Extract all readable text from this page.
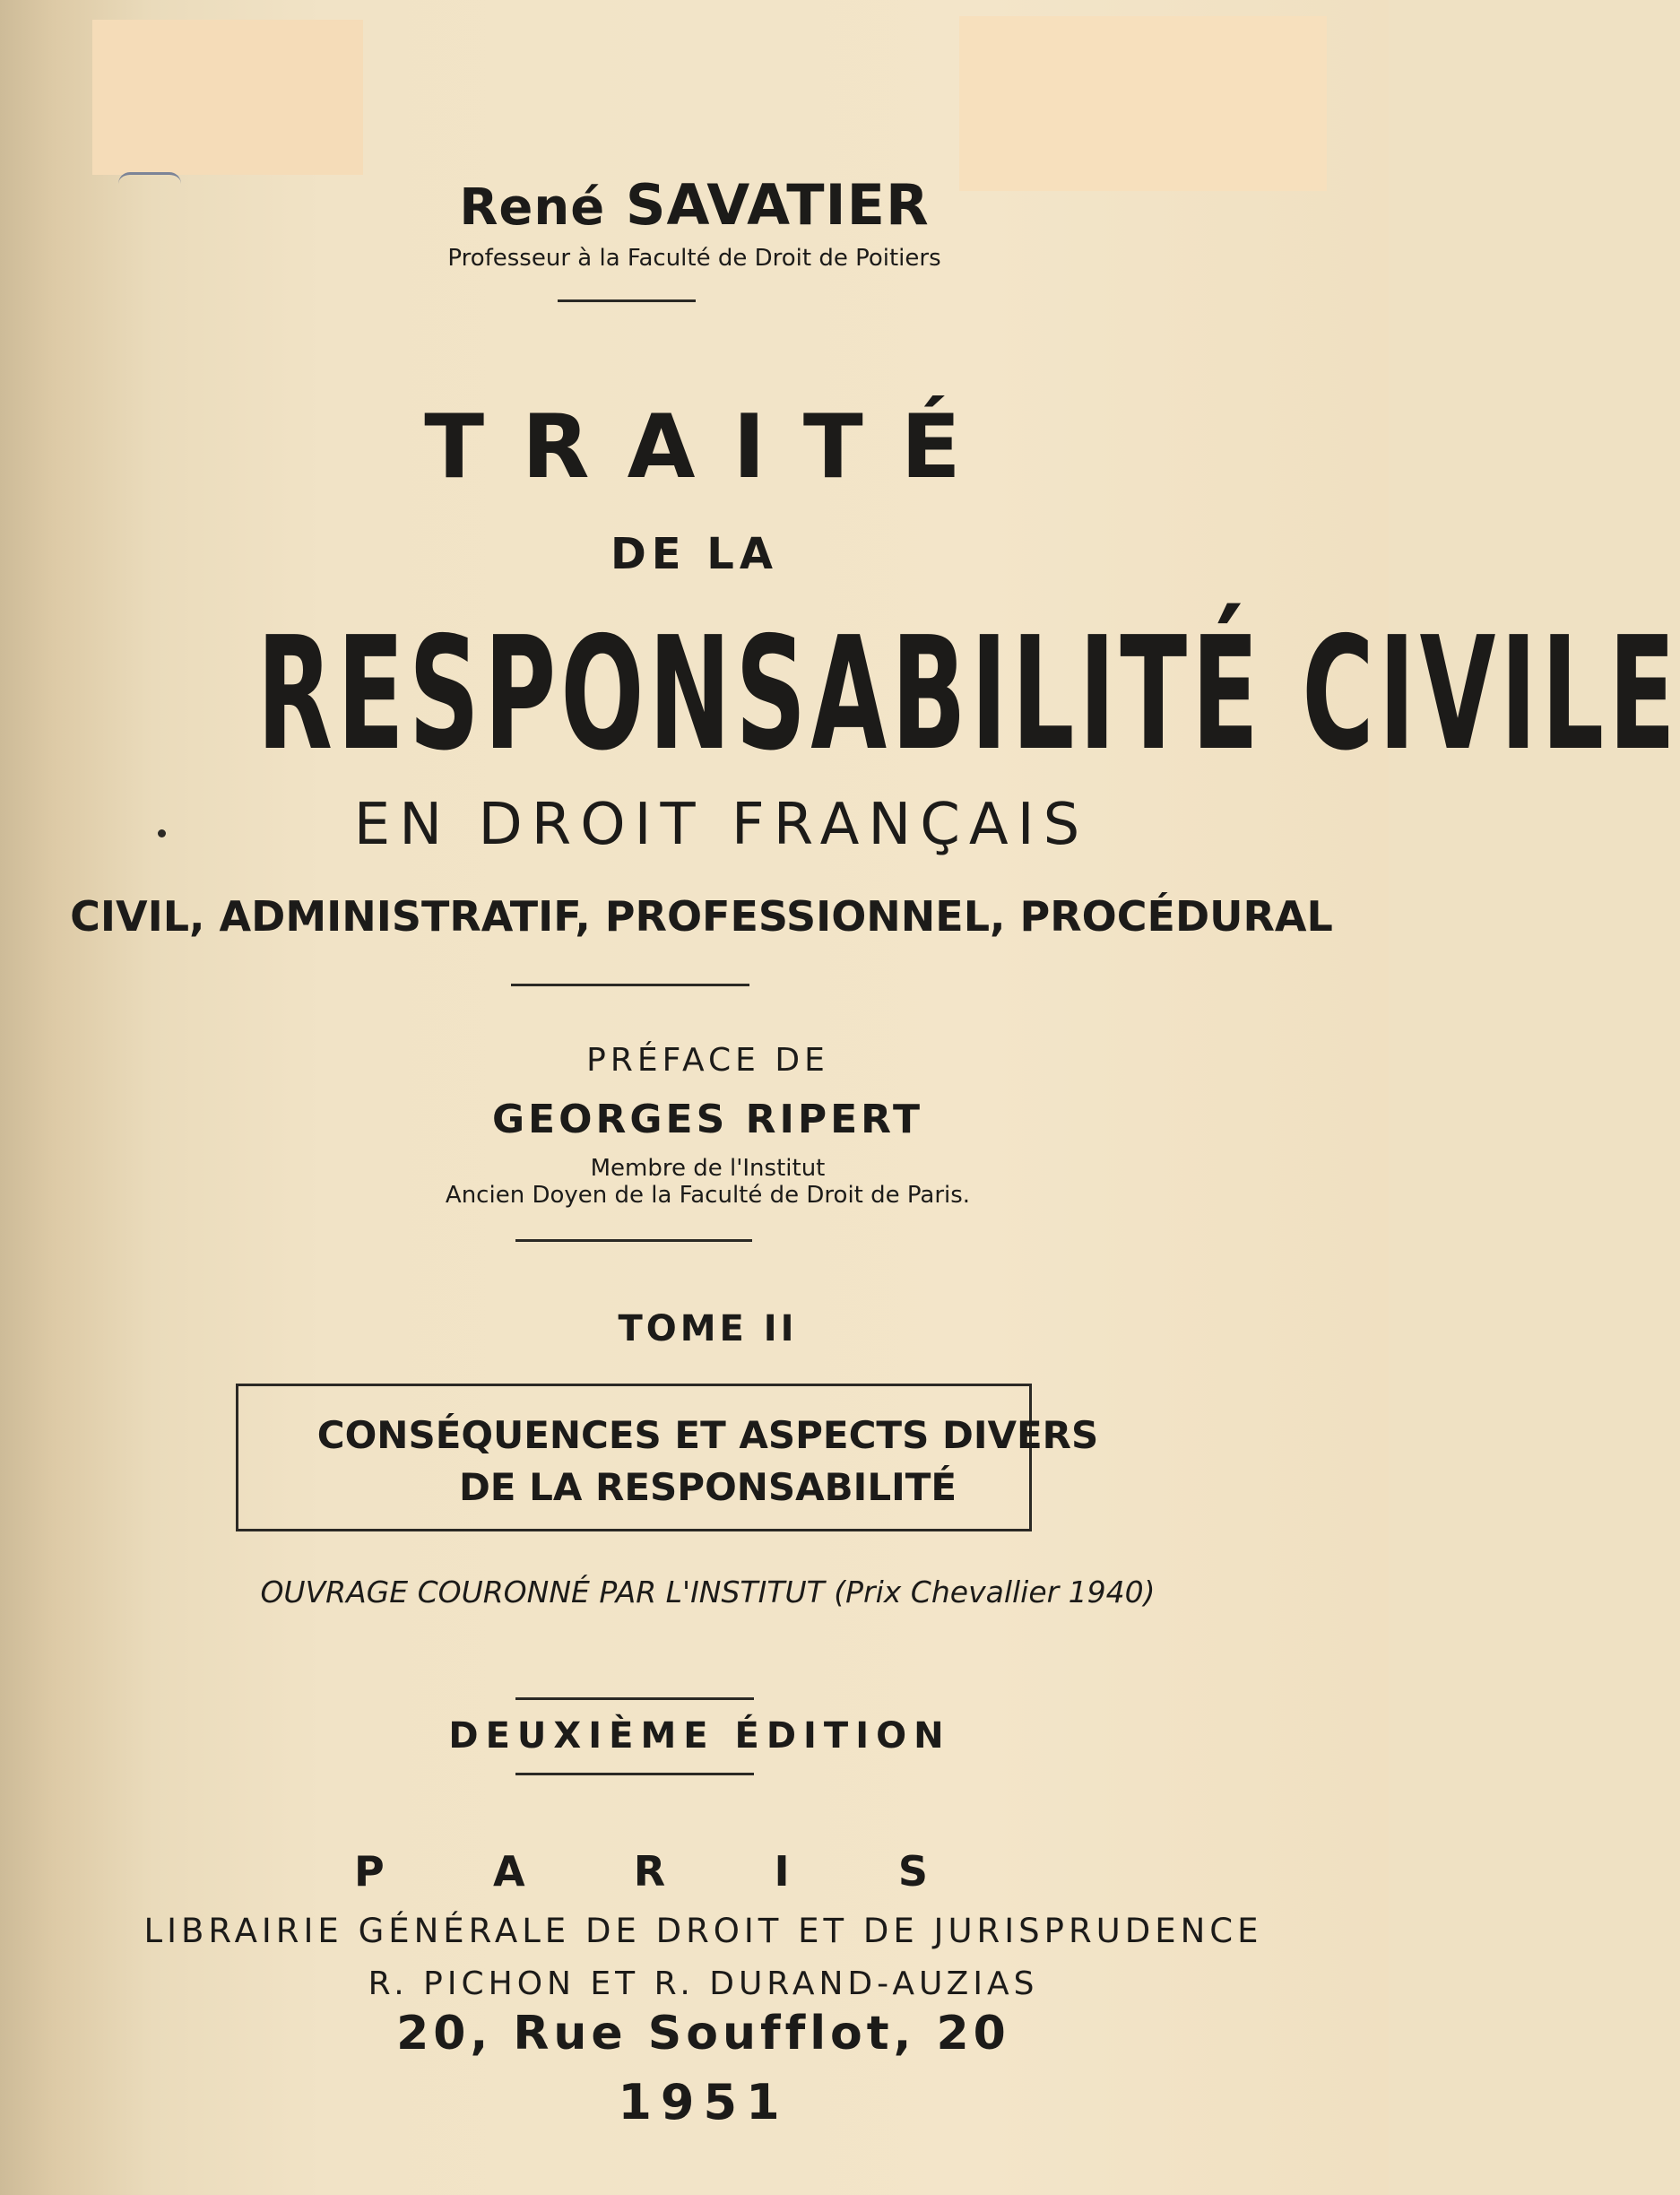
René SAVATIER
Professeur à la Faculté de Droit de Poitiers
TRAITÉ
DE LA
RESPONSABILITÉ CIVILE
EN DROIT FRANÇAIS
CIVIL, ADMINISTRATIF, PROFESSIONNEL, PROCÉDURAL
PRÉFACE DE
GEORGES RIPERT
Membre de l'Institut
Ancien Doyen de la Faculté de Droit de Paris.
TOME II
CONSÉQUENCES ET ASPECTS DIVERS
DE LA RESPONSABILITÉ
OUVRAGE COURONNÉ PAR L'INSTITUT (Prix Chevallier 1940)
DEUXIÈME ÉDITION
P	A	R	I	S
LIBRAIRIE GÉNÉRALE DE DROIT ET DE JURISPRUDENCE
R. PICHON ET R. DURAND-AUZIAS
20, Rue Soufflot, 20
1951
